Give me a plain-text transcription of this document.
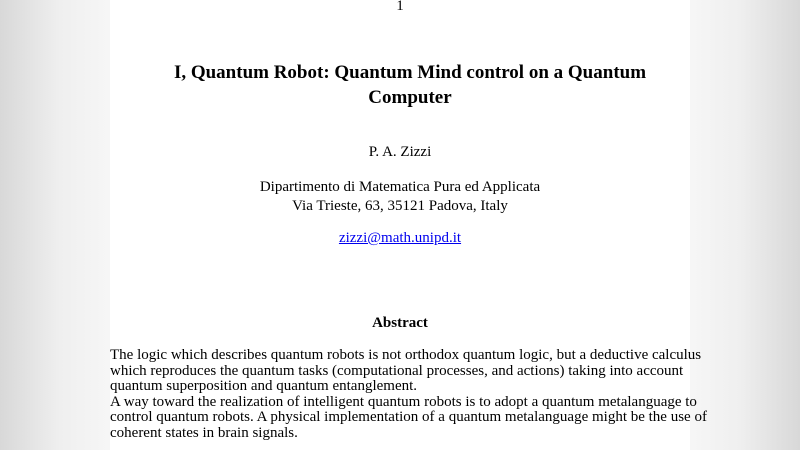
1
I, Quantum Robot: Quantum Mind control on a Quantum
Computer
P. A. Zizzi
Dipartimento di Matematica Pura ed Applicata
Via Trieste, 63, 35121 Padova, Italy
zizzi@math.unipd.it
Abstract

The logic which describes quantum robots is not orthodox quantum logic, but a deductive calculus

which reproduces the quantum tasks (computational processes, and actions) taking into account

quantum superposition and quantum entanglement.

A way toward the realization of intelligent quantum robots is to adopt a quantum metalanguage to

control quantum robots. A physical implementation of a quantum metalanguage might be the use of

coherent states in brain signals.
